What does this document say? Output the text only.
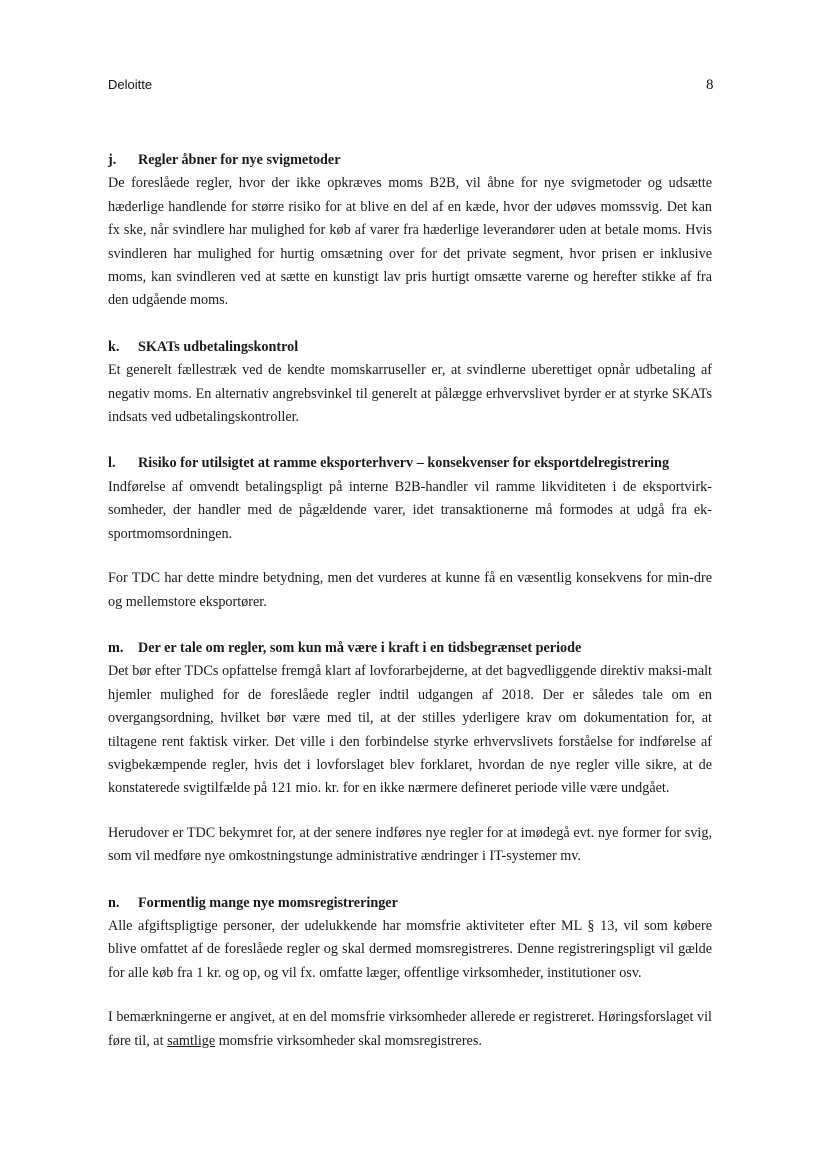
Deloitte	8
j.	Regler åbner for nye svigmetoder

De foreslåede regler, hvor der ikke opkræves moms B2B, vil åbne for nye svigmetoder og udsætte hæderlige handlende for større risiko for at blive en del af en kæde, hvor der udøves momssvig. Det kan fx ske, når svindlere har mulighed for køb af varer fra hæderlige leverandører uden at betale moms. Hvis svindleren har mulighed for hurtig omsætning over for det private segment, hvor prisen er inklusive moms, kan svindleren ved at sætte en kunstigt lav pris hurtigt omsætte varerne og herefter stikke af fra den udgående moms.

k.	SKATs udbetalingskontrol

Et generelt fællestræk ved de kendte momskarruseller er, at svindlerne uberettiget opnår udbetaling af negativ moms. En alternativ angrebsvinkel til generelt at pålægge erhvervslivet byrder er at styrke SKATs indsats ved udbetalingskontroller.

l.	Risiko for utilsigtet at ramme eksporterhverv – konsekvenser for eksportdelregistrering

Indførelse af omvendt betalingspligt på interne B2B-handler vil ramme likviditeten i de eksportvirk-somheder, der handler med de pågældende varer, idet transaktionerne må formodes at udgå fra ek-sportmomsordningen.

For TDC har dette mindre betydning, men det vurderes at kunne få en væsentlig konsekvens for min-dre og mellemstore eksportører.

m.	Der er tale om regler, som kun må være i kraft i en tidsbegrænset periode

Det bør efter TDCs opfattelse fremgå klart af lovforarbejderne, at det bagvedliggende direktiv maksi-malt hjemler mulighed for de foreslåede regler indtil udgangen af 2018. Der er således tale om en overgangsordning, hvilket bør være med til, at der stilles yderligere krav om dokumentation for, at tiltagene rent faktisk virker. Det ville i den forbindelse styrke erhvervslivets forståelse for indførelse af svigbekæmpende regler, hvis det i lovforslaget blev forklaret, hvordan de nye regler ville sikre, at de konstaterede svigtilfælde på 121 mio. kr. for en ikke nærmere defineret periode ville være undgået.

Herudover er TDC bekymret for, at der senere indføres nye regler for at imødegå evt. nye former for svig, som vil medføre nye omkostningstunge administrative ændringer i IT-systemer mv.

n.	Formentlig mange nye momsregistreringer

Alle afgiftspligtige personer, der udelukkende har momsfrie aktiviteter efter ML § 13, vil som købere blive omfattet af de foreslåede regler og skal dermed momsregistreres. Denne registreringspligt vil gælde for alle køb fra 1 kr. og op, og vil fx. omfatte læger, offentlige virksomheder, institutioner osv.

I bemærkningerne er angivet, at en del momsfrie virksomheder allerede er registreret. Høringsforslaget vil føre til, at samtlige momsfrie virksomheder skal momsregistreres.
